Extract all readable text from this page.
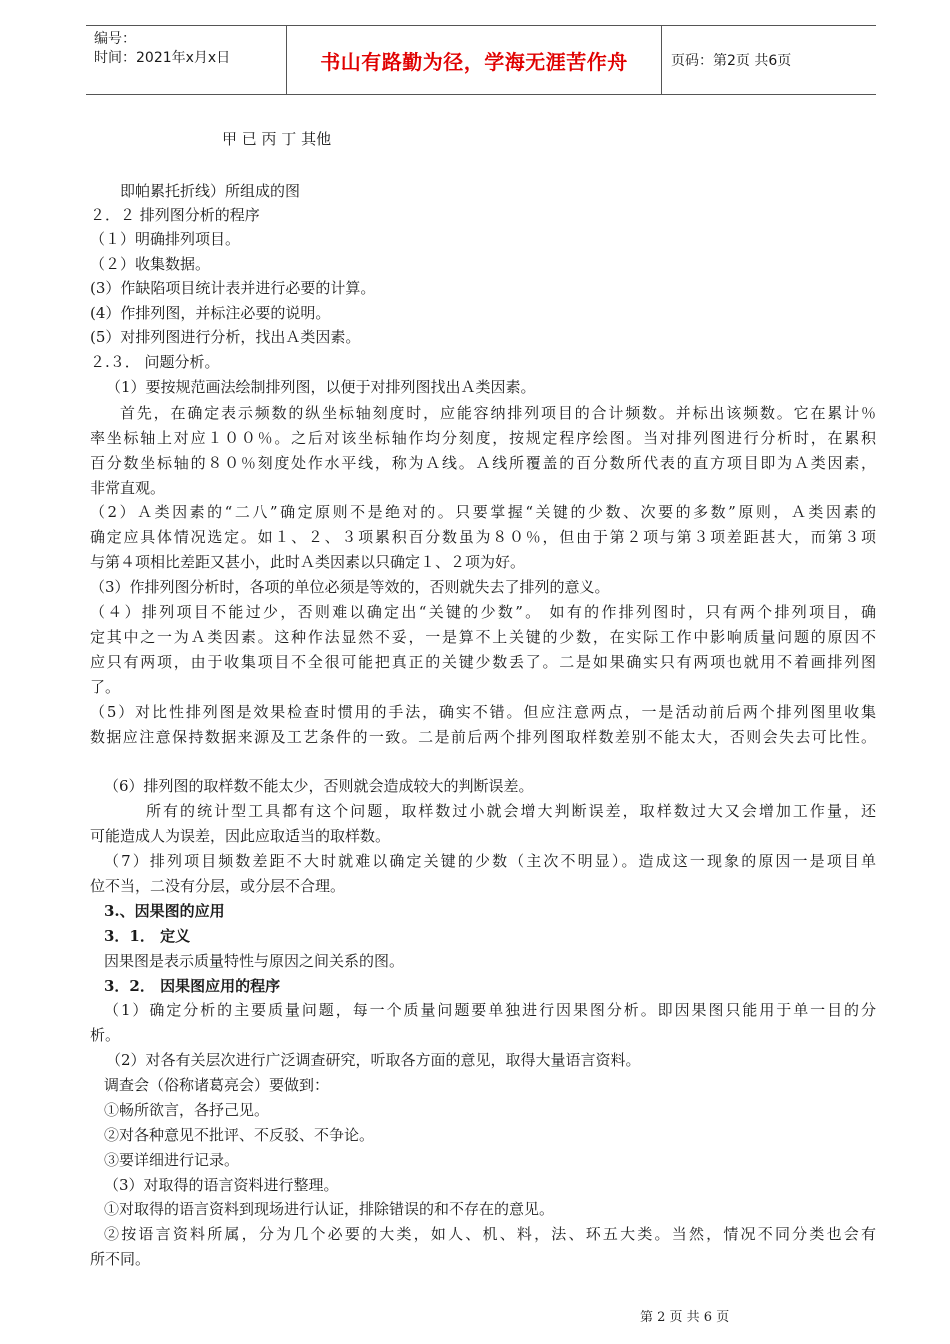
编号：
时间：2021年x月x日	书山有路勤为径，学海无涯苦作舟	页码：第2页 共6页
甲 已 丙 丁 其他
即帕累托折线）所组成的图
２．２ 排列图分析的程序
（１）明确排列项目。
（２）收集数据。
(3）作缺陷项目统计表并进行必要的计算。
(4）作排列图，并标注必要的说明。
(5）对排列图进行分析，找出Ａ类因素。
２.３． 问题分析。
（1）要按规范画法绘制排列图，以便于对排列图找出Ａ类因素。
首先，在确定表示频数的纵坐标轴刻度时，应能容纳排列项目的合计频数。并标出该频数。它在累计％
率坐标轴上对应１００％。之后对该坐标轴作均分刻度，按规定程序绘图。当对排列图进行分析时，在累积
百分数坐标轴的８０％刻度处作水平线，称为Ａ线。Ａ线所覆盖的百分数所代表的直方项目即为Ａ类因素，
非常直观。
（2）Ａ类因素的“二八”确定原则不是绝对的。只要掌握“关键的少数、次要的多数”原则，Ａ类因素的
确定应具体情况选定。如１、２、３项累积百分数虽为８０％，但由于第２项与第３项差距甚大，而第３项
与第４项相比差距又甚小，此时Ａ类因素以只确定１、２项为好。
（3）作排列图分析时，各项的单位必须是等效的，否则就失去了排列的意义。
（４）排列项目不能过少，否则难以确定出“关键的少数”。 如有的作排列图时，只有两个排列项目，确
定其中之一为Ａ类因素。这种作法显然不妥，一是算不上关键的少数，在实际工作中影响质量问题的原因不
应只有两项，由于收集项目不全很可能把真正的关键少数丢了。二是如果确实只有两项也就用不着画排列图
了。
（5）对比性排列图是效果检查时惯用的手法，确实不错。但应注意两点，一是活动前后两个排列图里收集
数据应注意保持数据来源及工艺条件的一致。二是前后两个排列图取样数差别不能太大，否则会失去可比性。
（6）排列图的取样数不能太少，否则就会造成较大的判断误差。
所有的统计型工具都有这个问题，取样数过小就会增大判断误差，取样数过大又会增加工作量，还
可能造成人为误差，因此应取适当的取样数。
（7）排列项目频数差距不大时就难以确定关键的少数（主次不明显）。造成这一现象的原因一是项目单
位不当，二没有分层，或分层不合理。
3.、因果图的应用
3．1． 定义
因果图是表示质量特性与原因之间关系的图。
3．2． 因果图应用的程序
（1）确定分析的主要质量问题，每一个质量问题要单独进行因果图分析。即因果图只能用于单一目的分
析。
（2）对各有关层次进行广泛调查研究，听取各方面的意见，取得大量语言资料。
调查会（俗称诸葛亮会）要做到：
①畅所欲言，各抒己见。
②对各种意见不批评、不反驳、不争论。
③要详细进行记录。
（3）对取得的语言资料进行整理。
①对取得的语言资料到现场进行认证，排除错误的和不存在的意见。
②按语言资料所属，分为几个必要的大类，如人、机、料，法、环五大类。当然，情况不同分类也会有
所不同。
第 2 页 共 6 页
